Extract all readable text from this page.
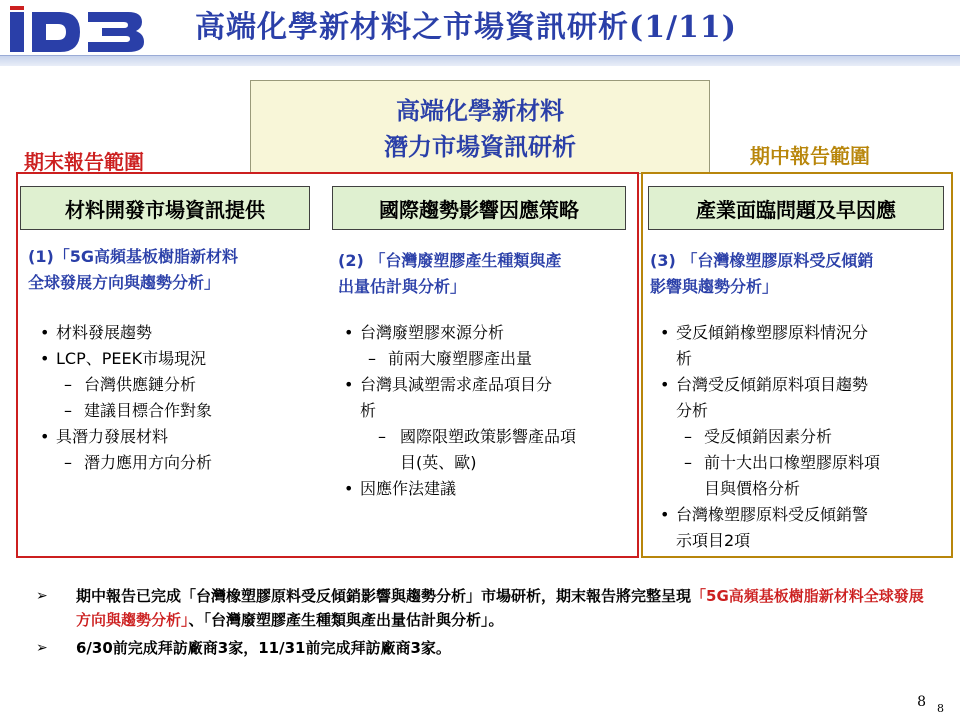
ID3
高端化學新材料之市場資訊研析(1/11)
高端化學新材料
潛力市場資訊研析
期末報告範圍	期中報告範圍
材料開發市場資訊提供	國際趨勢影響因應策略	產業面臨問題及早因應
(1)「5G高頻基板樹脂新材料
全球發展方向與趨勢分析」
(2) 「台灣廢塑膠產生種類與產
出量估計與分析」
(3) 「台灣橡塑膠原料受反傾銷
影響與趨勢分析」
• 材料發展趨勢
• LCP、PEEK市場現況
– 台灣供應鏈分析
– 建議目標合作對象
• 具潛力發展材料
– 潛力應用方向分析
• 台灣廢塑膠來源分析
– 前兩大廢塑膠產出量
• 台灣具減塑需求產品項目分
析
– 國際限塑政策影響產品項
目(英、歐)
• 因應作法建議
• 受反傾銷橡塑膠原料情況分
析
• 台灣受反傾銷原料項目趨勢
分析
– 受反傾銷因素分析
– 前十大出口橡塑膠原料項
目與價格分析
• 台灣橡塑膠原料受反傾銷警
示項目2項
➢ 期中報告已完成「台灣橡塑膠原料受反傾銷影響與趨勢分析」市場研析，期末報告將完整呈現「5G高頻基板樹脂新材料全球發展方向與趨勢分析」、「台灣廢塑膠產生種類與產出量估計與分析」。
➢ 6/30前完成拜訪廠商3家，11/31前完成拜訪廠商3家。
8 8
